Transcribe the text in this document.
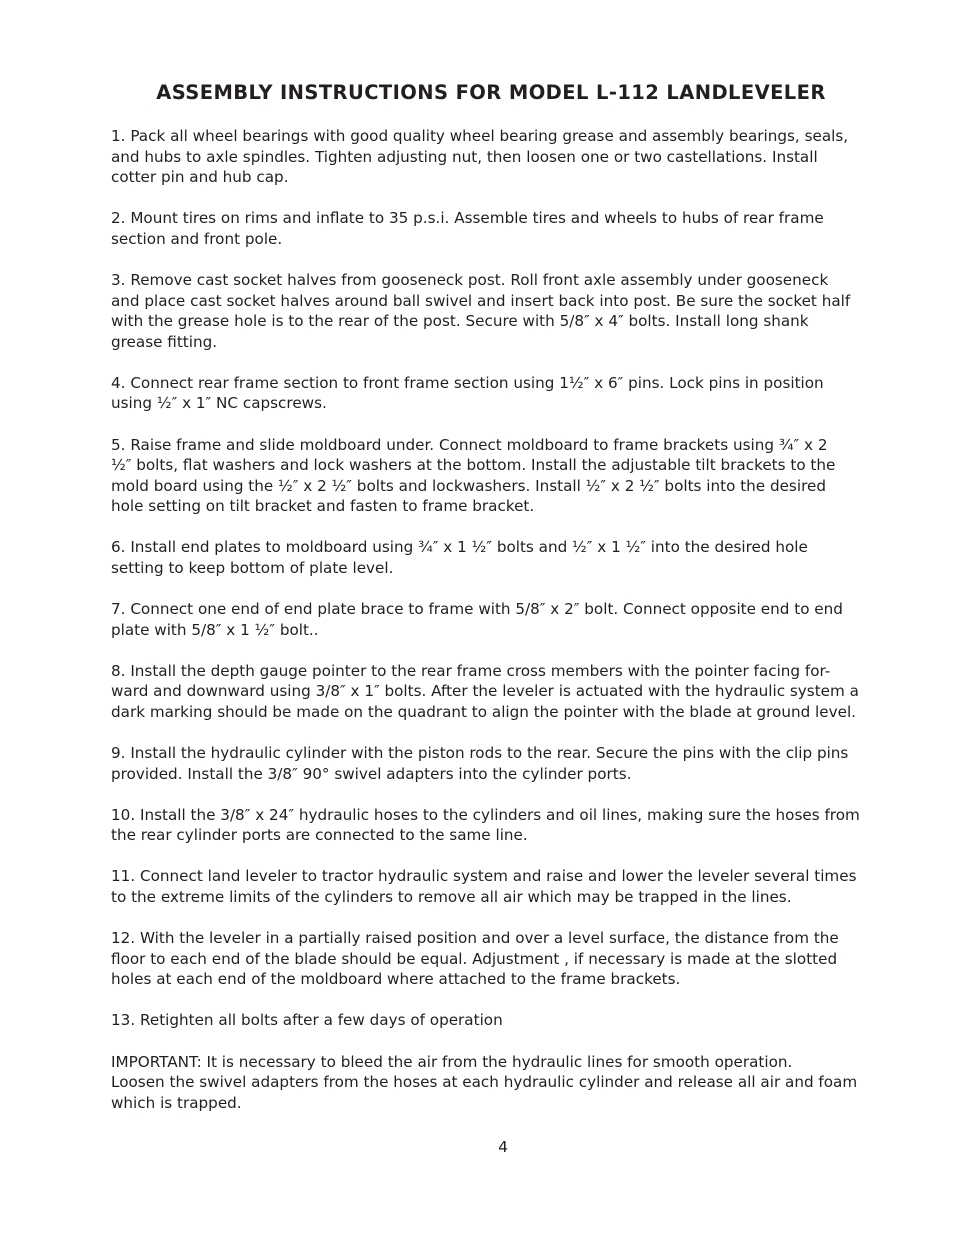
ASSEMBLY INSTRUCTIONS FOR MODEL L-112 LANDLEVELER

1. Pack all wheel bearings with good quality wheel bearing grease and assembly bearings, seals,
and hubs to axle spindles. Tighten adjusting nut, then loosen one or two castellations. Install
cotter pin and hub cap.

2. Mount tires on rims and inflate to 35 p.s.i. Assemble tires and wheels to hubs of rear frame
section and front pole.

3. Remove cast socket halves from gooseneck post. Roll front axle assembly under gooseneck
and place cast socket halves around ball swivel and insert back into post. Be sure the socket half
with the grease hole is to the rear of the post. Secure with 5/8″ x 4″ bolts. Install long shank
grease fitting.

4. Connect rear frame section to front frame section using 1½″ x 6″ pins. Lock pins in position
using ½″ x 1″ NC capscrews.

5. Raise frame and slide moldboard under. Connect moldboard to frame brackets using ¾″ x 2
½″ bolts, flat washers and lock washers at the bottom. Install the adjustable tilt brackets to the
mold board using the ½″ x 2 ½″ bolts and lockwashers. Install ½″ x 2 ½″ bolts into the desired
hole setting on tilt bracket and fasten to frame bracket.

6. Install end plates to moldboard using ¾″ x 1 ½″ bolts and ½″ x 1 ½″ into the desired hole
setting to keep bottom of plate level.

7. Connect one end of end plate brace to frame with 5/8″ x 2″ bolt. Connect opposite end to end
plate with 5/8″ x 1 ½″ bolt..

8. Install the depth gauge pointer to the rear frame cross members with the pointer facing for-
ward and downward using 3/8″ x 1″ bolts. After the leveler is actuated with the hydraulic system a
dark marking should be made on the quadrant to align the pointer with the blade at ground level.

9. Install the hydraulic cylinder with the piston rods to the rear. Secure the pins with the clip pins
provided. Install the 3/8″ 90° swivel adapters into the cylinder ports.

10. Install the 3/8″ x 24″ hydraulic hoses to the cylinders and oil lines, making sure the hoses from
the rear cylinder ports are connected to the same line.

11. Connect land leveler to tractor hydraulic system and raise and lower the leveler several times
to the extreme limits of the cylinders to remove all air which may be trapped in the lines.

12. With the leveler in a partially raised position and over a level surface, the distance from the
floor to each end of the blade should be equal. Adjustment , if necessary is made at the slotted
holes at each end of the moldboard where attached to the frame brackets.

13. Retighten all bolts after a few days of operation

IMPORTANT: It is necessary to bleed the air from the hydraulic lines for smooth operation.
Loosen the swivel adapters from the hoses at each hydraulic cylinder and release all air and foam
which is trapped.

4
